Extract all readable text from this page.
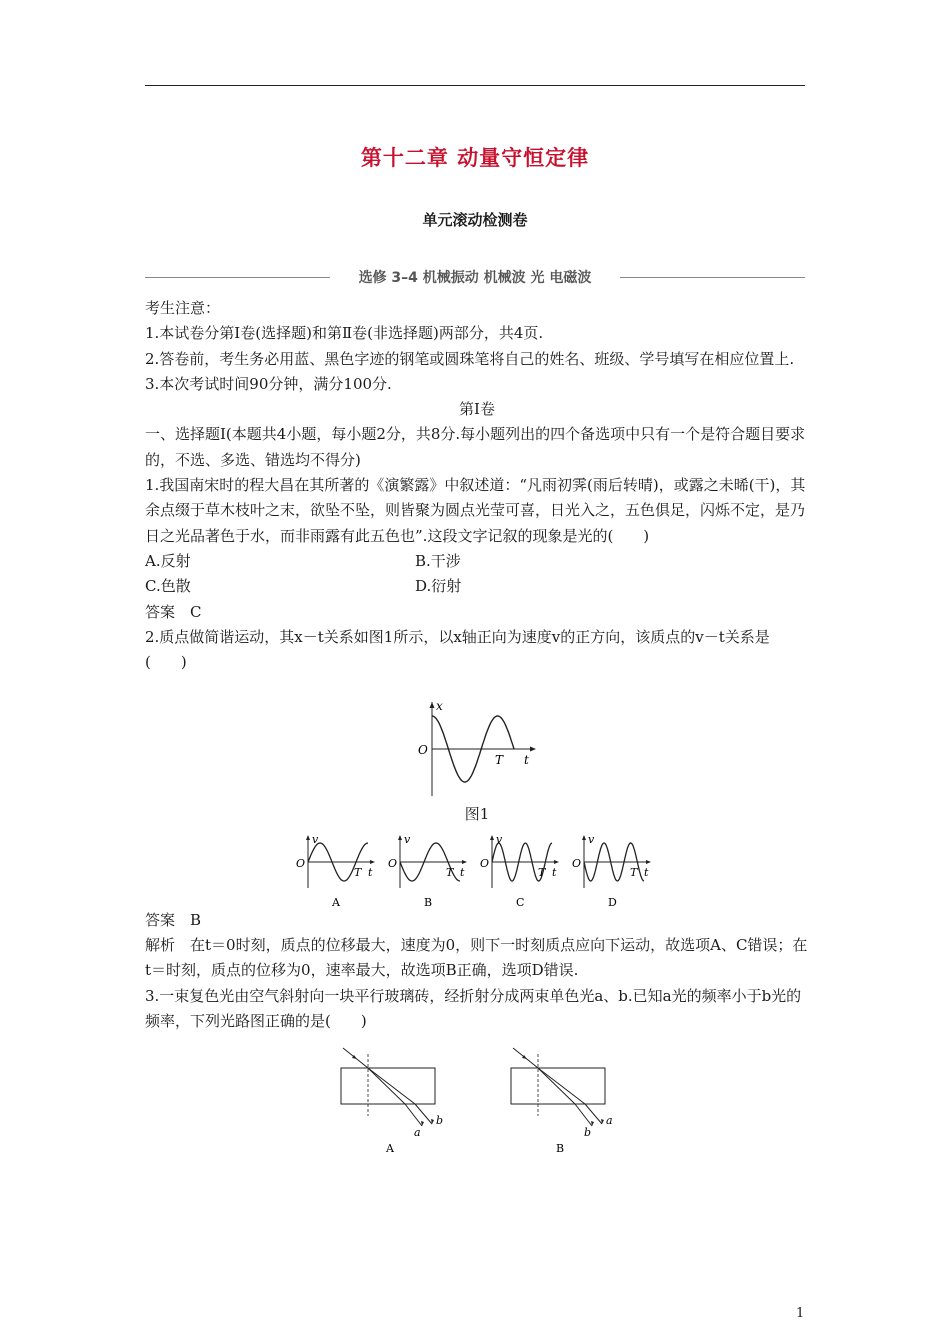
第十二章 动量守恒定律
单元滚动检测卷
选修 3–4 机械振动 机械波 光 电磁波

考生注意：

1.本试卷分第Ⅰ卷(选择题)和第Ⅱ卷(非选择题)两部分，共4页.

2.答卷前，考生务必用蓝、黑色字迹的钢笔或圆珠笔将自己的姓名、班级、学号填写在相应位置上.

3.本次考试时间90分钟，满分100分.

第Ⅰ卷

一、选择题Ⅰ(本题共4小题，每小题2分，共8分.每小题列出的四个备选项中只有一个是符合题目要求的，不选、多选、错选均不得分)

1.我国南宋时的程大昌在其所著的《演繁露》中叙述道：“凡雨初霁(雨后转晴)，或露之未晞(干)，其余点缀于草木枝叶之末，欲坠不坠，则皆聚为圆点光莹可喜，日光入之，五色俱足，闪烁不定，是乃日之光品著色于水，而非雨露有此五色也”.这段文字记叙的现象是光的(　　)

A.反射	B.干涉
C.色散	D.衍射

答案　C

2.质点做简谐运动，其x－t关系如图1所示，以x轴正向为速度v的正方向，该质点的v－t关系是(　　)

图1

答案　B

解析　在t＝0时刻，质点的位移最大，速度为0，则下一时刻质点应向下运动，故选项A、C错误；在t＝时刻，质点的位移为0，速率最大，故选项B正确，选项D错误.

3.一束复色光由空气斜射向一块平行玻璃砖，经折射分成两束单色光a、b.已知a光的频率小于b光的频率，下列光路图正确的是(　　)

x
O
T t
v
O
T t
A
v
O
T t
B
v
O
T t
C
v
O
T t
D
a
b
A
b
a
B
1
